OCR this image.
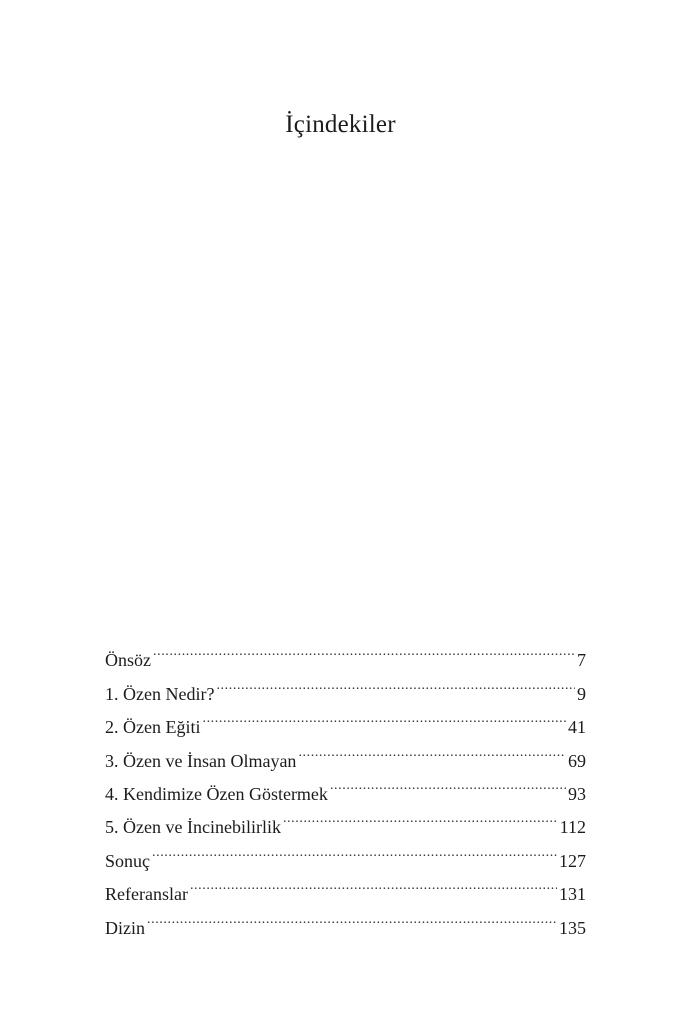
İçindekiler
Önsöz .....	7
1. Özen Nedir? .....	9
2. Özen Eğiti .....	41
3. Özen ve İnsan Olmayan .....	69
4. Kendimize Özen Göstermek .....	93
5. Özen ve İncinebilirlik .....	112
Sonuç .....	127
Referanslar .....	131
Dizin .....	135
